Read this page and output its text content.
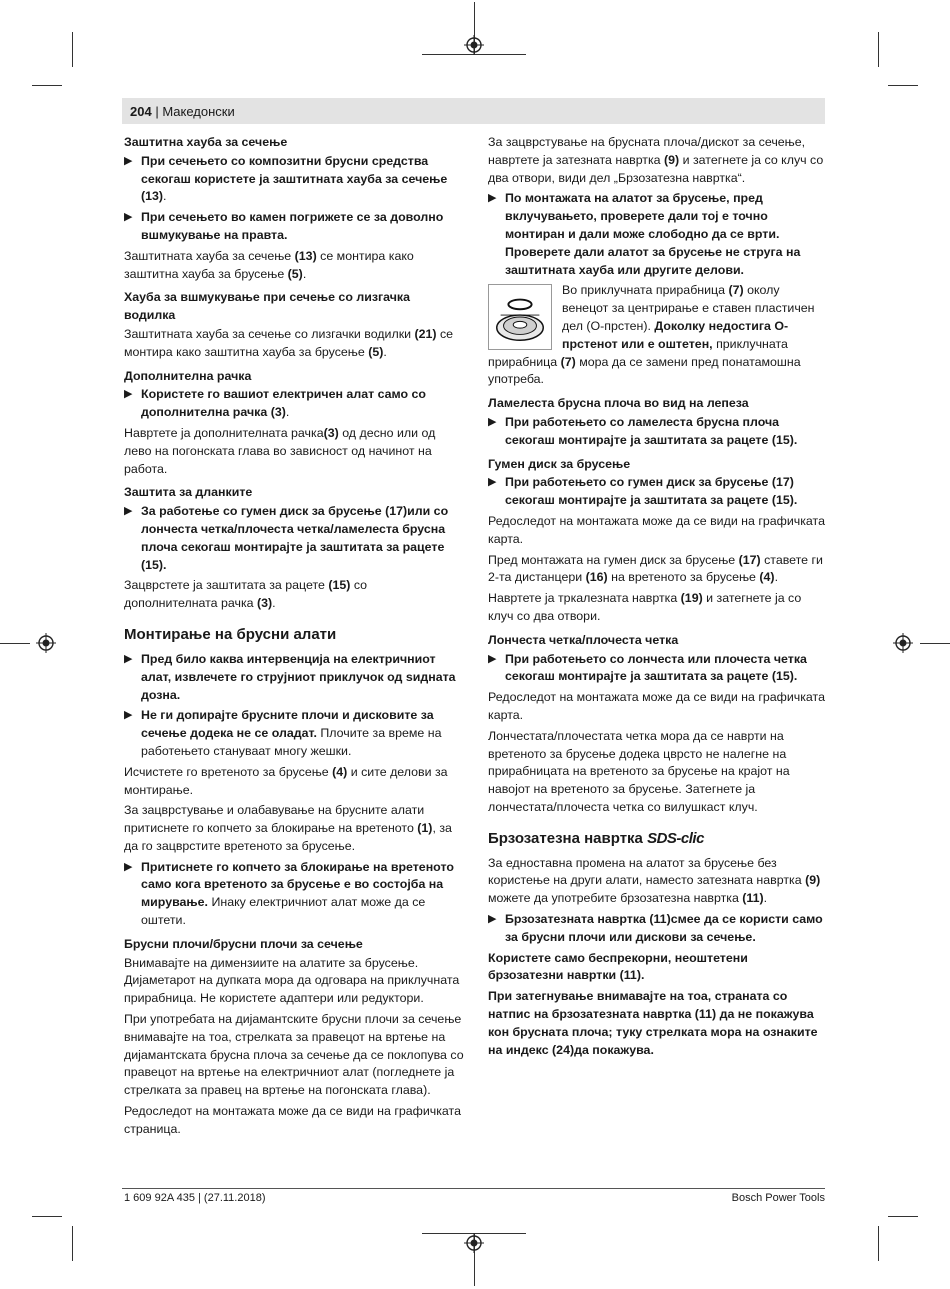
204 | Македонски
Заштитна хауба за сечење
▶ При сечењето со композитни брусни средства секогаш користете ја заштитната хауба за сечење (13).
▶ При сечењето во камен погрижете се за доволно вшмукување на правта.

Заштитната хауба за сечење (13) се монтира како заштитна хауба за брусење (5).

Хауба за вшмукување при сечење со лизгачка водилка

Заштитната хауба за сечење со лизгачки водилки (21) се монтира како заштитна хауба за брусење (5).

Дополнителна рачка
▶ Користете го вашиот електричен алат само со дополнителна рачка (3).

Навртете ја дополнителната рачка(3) од десно или од лево на погонската глава во зависност од начинот на работа.

Заштита за дланките
▶ За работење со гумен диск за брусење (17)или со лончеста четка/плочеста четка/ламелеста брусна плоча секогаш монтирајте ја заштитата за рацете (15).

Зацврстете ја заштитата за рацете (15) со дополнителната рачка (3).

Монтирање на брусни алати
▶ Пред било каква интервенција на електричниот алат, извлечете го струјниот приклучок од ѕидната дозна.
▶ Не ги допирајте брусните плочи и дисковите за сечење додека не се оладат. Плочите за време на работењето стануваат многу жешки.

Исчистете го вретеното за брусење (4) и сите делови за монтирање.

За зацврстување и олабавување на брусните алати притиснете го копчето за блокирање на вретеното (1), за да го зацврстите вретеното за брусење.

▶ Притиснете го копчето за блокирање на вретеното само кога вретеното за брусење е во состојба на мирување. Инаку електричниот алат може да се оштети.
Брусни плочи/брусни плочи за сечење

Внимавајте на димензиите на алатите за брусење. Дијаметарот на дупката мора да одговара на приклучната прирабница. Не користете адаптери или редуктори.

При употребата на дијамантските брусни плочи за сечење внимавајте на тоа, стрелката за правецот на вртење на дијамантската брусна плоча за сечење да се поклопува со правецот на вртење на електричниот алат (погледнете ја стрелката за правец на вртење на погонската глава).

Редоследот на монтажата може да се види на графичката страница.

За зацврстување на брусната плоча/дискот за сечење, навртете ја затезната навртка (9) и затегнете ја со клуч со два отвори, види дел „Брзозатезна навртка“.

▶ По монтажата на алатот за брусење, пред вклучувањето, проверете дали тој е точно монтиран и дали може слободно да се врти. Проверете дали алатот за брусење не струга на заштитната хауба или другите делови.

Во приклучната прирабница (7) околу венецот за центрирање е ставен пластичен дел (О-прстен). Доколку недостига О-прстенот или е оштетен, приклучната прирабница (7) мора да се замени пред понатамошна употреба.

Ламелеста брусна плоча во вид на лепеза
▶ При работењето со ламелеста брусна плоча секогаш монтирајте ја заштитата за рацете (15).
Гумен диск за брусење
▶ При работењето со гумен диск за брусење (17) секогаш монтирајте ја заштитата за рацете (15).

Редоследот на монтажата може да се види на графичката карта.

Пред монтажата на гумен диск за брусење (17) ставете ги 2-та дистанцери (16) на вретеното за брусење (4).

Навртете ја тркалезната навртка (19) и затегнете ја со клуч со два отвори.

Лончеста четка/плочеста четка
▶ При работењето со лончеста или плочеста четка секогаш монтирајте ја заштитата за рацете (15).

Редоследот на монтажата може да се види на графичката карта.

Лончестата/плочестата четка мора да се наврти на вретеното за брусење додека цврсто не налегне на прирабницата на вретеното за брусење на крајот на навојот на вретеното за брусење. Затегнете ја лончестата/плочеста четка со вилушкаст клуч.

Брзозатезна навртка SDS-clic

За едноставна промена на алатот за брусење без користење на други алати, наместо затезната навртка (9) можете да употребите брзозатезна навртка (11).

▶ Брзозатезната навртка (11)смее да се користи само за брусни плочи или дискови за сечење.

Користете само беспрекорни, неоштетени брзозатезни навртки (11).

При затегнување внимавајте на тоа, страната со натпис на брзозатезната навртка (11) да не покажува кон брусната плоча; туку стрелката мора на ознаките на индекс (24)да покажува.

1 609 92A 435 | (27.11.2018)	Bosch Power Tools
